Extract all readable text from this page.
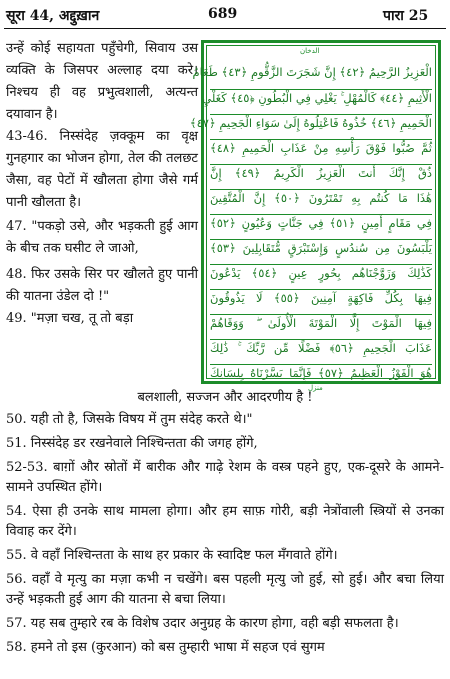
सूरा 44, अद्दुख़ान	689	पारा 25

उन्हें कोई सहायता पहुँचेगी, सिवाय उस व्यक्ति के जिसपर अल्लाह दया करे। निश्चय ही वह प्रभुत्वशाली, अत्यन्त दयावान है।

43-46. निस्संदेह ज़क्कूम का वृक्ष गुनहगार का भोजन होगा, तेल की तलछट जैसा, वह पेटों में खौलता होगा जैसे गर्म पानी खौलता है।

47. "पकड़ो उसे, और भड़कती हुई आग के बीच तक घसीट ले जाओ,

48. फिर उसके सिर पर खौलते हुए पानी की यातना उंडेल दो !"

49. "मज़ा चख, तू तो बड़ा

الدخان
الْعَزِيزُ الرَّحِيمُ ﴿٤٢﴾ إِنَّ شَجَرَتَ الزَّقُّومِ ﴿٤٣﴾ طَعَامُ
الْأَثِيمِ ﴿٤٤﴾ كَالْمُهْلِ ۚ يَغْلِي فِي الْبُطُونِ ﴿٤٥﴾ كَغَلْيِ
الْحَمِيمِ ﴿٤٦﴾ خُذُوهُ فَاعْتِلُوهُ إِلَىٰ سَوَاءِ الْجَحِيمِ ﴿٤٧﴾
ثُمَّ صُبُّوا فَوْقَ رَأْسِهِ مِنْ عَذَابِ الْحَمِيمِ ﴿٤٨﴾
ذُقْ إِنَّكَ أَنتَ الْعَزِيزُ الْكَرِيمُ ﴿٤٩﴾ إِنَّ
هَٰذَا مَا كُنتُم بِهِ تَمْتَرُونَ ﴿٥٠﴾ إِنَّ الْمُتَّقِينَ
فِي مَقَامٍ أَمِينٍ ﴿٥١﴾ فِي جَنَّاتٍ وَعُيُونٍ ﴿٥٢﴾
يَلْبَسُونَ مِن سُندُسٍ وَإِسْتَبْرَقٍ مُّتَقَابِلِينَ ﴿٥٣﴾
كَذَٰلِكَ وَزَوَّجْنَاهُم بِحُورٍ عِينٍ ﴿٥٤﴾ يَدْعُونَ
فِيهَا بِكُلِّ فَاكِهَةٍ آمِنِينَ ﴿٥٥﴾ لَا يَذُوقُونَ
فِيهَا الْمَوْتَ إِلَّا الْمَوْتَةَ الْأُولَىٰ ۖ وَوَقَاهُمْ
عَذَابَ الْجَحِيمِ ﴿٥٦﴾ فَضْلًا مِّن رَّبِّكَ ۚ ذَٰلِكَ
هُوَ الْفَوْزُ الْعَظِيمُ ﴿٥٧﴾ فَإِنَّمَا يَسَّرْنَاهُ بِلِسَانِكَ
منزل

बलशाली, सज्जन और आदरणीय है !

50. यही तो है, जिसके विषय में तुम संदेह करते थे।"

51. निस्संदेह डर रखनेवाले निश्चिन्तता की जगह होंगे,

52-53. बाग़ों और स्रोतों में बारीक और गाढ़े रेशम के वस्त्र पहने हुए, एक-दूसरे के आमने-सामने उपस्थित होंगे।

54. ऐसा ही उनके साथ मामला होगा। और हम साफ़ गोरी, बड़ी नेत्रोंवाली स्त्रियों से उनका विवाह कर देंगे।

55. वे वहाँ निश्चिन्तता के साथ हर प्रकार के स्वादिष्ट फल मँगवाते होंगे।

56. वहाँ वे मृत्यु का मज़ा कभी न चखेंगे। बस पहली मृत्यु जो हुई, सो हुई। और बचा लिया उन्हें भड़कती हुई आग की यातना से बचा लिया।

57. यह सब तुम्हारे रब के विशेष उदार अनुग्रह के कारण होगा, वही बड़ी सफलता है।

58. हमने तो इस (कुरआन) को बस तुम्हारी भाषा में सहज एवं सुगम
